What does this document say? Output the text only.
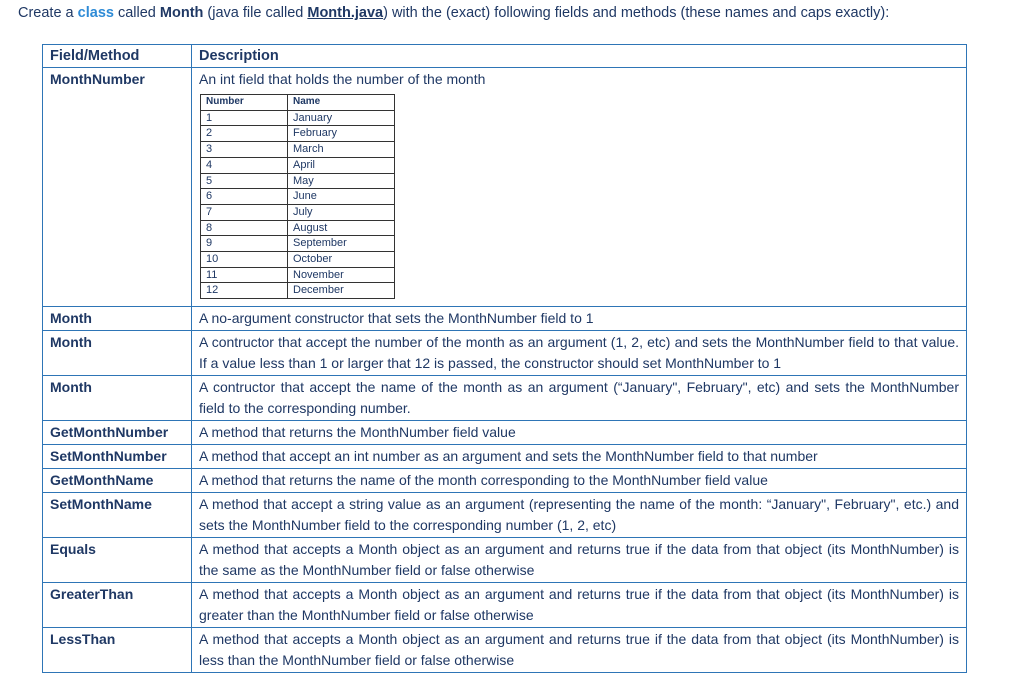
Create a class called Month (java file called Month.java) with the (exact) following fields and methods (these names and caps exactly):
Field/Method	Description
MonthNumber	An int field that holds the number of the month
Number	Name
1	January
2	February
3	March
4	April
5	May
6	June
7	July
8	August
9	September
10	October
11	November
12	December

Month	A no-argument constructor that sets the MonthNumber field to 1
Month	A contructor that accept the number of the month as an argument (1, 2, etc) and sets the MonthNumber field to that value. If a value less than 1 or larger that 12 is passed, the constructor should set MonthNumber to 1
Month	A contructor that accept the name of the month as an argument (“January", February", etc) and sets the MonthNumber field to the corresponding number.
GetMonthNumber	A method that returns the MonthNumber field value
SetMonthNumber	A method that accept an int number as an argument and sets the MonthNumber field to that number
GetMonthName	A method that returns the name of the month corresponding to the MonthNumber field value
SetMonthName	A method that accept a string value as an argument (representing the name of the month: “January", February", etc.) and sets the MonthNumber field to the corresponding number (1, 2, etc)
Equals	A method that accepts a Month object as an argument and returns true if the data from that object (its MonthNumber) is the same as the MonthNumber field or false otherwise
GreaterThan	A method that accepts a Month object as an argument and returns true if the data from that object (its MonthNumber) is greater than the MonthNumber field or false otherwise
LessThan	A method that accepts a Month object as an argument and returns true if the data from that object (its MonthNumber) is less than the MonthNumber field or false otherwise
